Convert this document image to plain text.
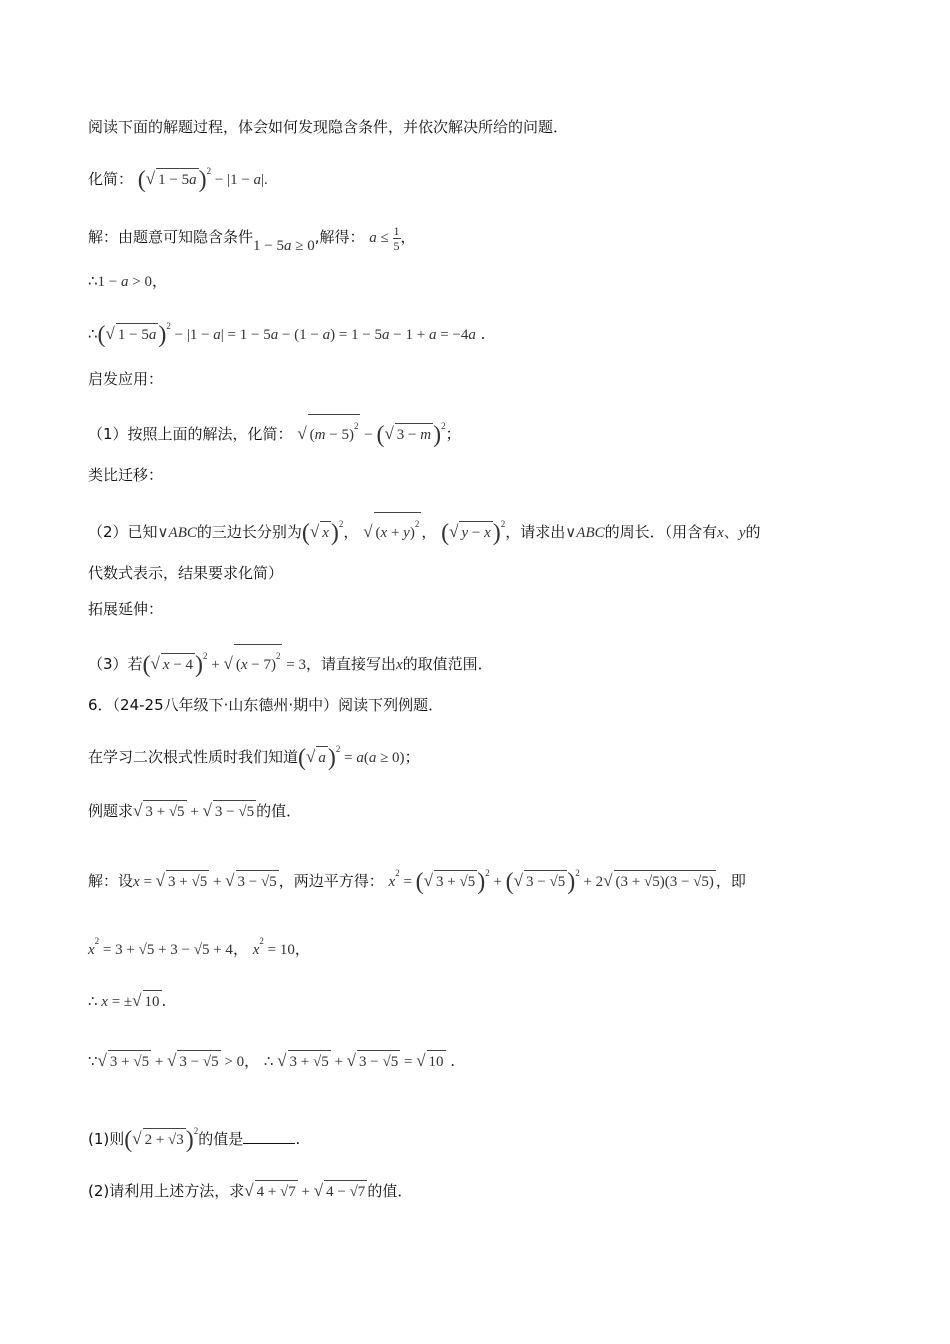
阅读下面的解题过程，体会如何发现隐含条件，并依次解决所给的问题．
化简： (√ 1 − 5a)$^2$ − |1 − a|.
解：由题意可知隐含条件1 − 5a ≥ 0,解得： $a \le \frac{1}{5}$ ，
∴1 − a > 0，
∴(√ 1 − 5a)$^2$ − |1 − a| = 1 − 5a − (1 − a) = 1 − 5a − 1 + a = −4a .
启发应用：
（1）按照上面的解法，化简： √ $(m - 5)^2$ − (√ 3 − m)$^2$；
类比迁移：
（2）已知∨ABC的三边长分别为(√ x)$^2$， √ $(x + y)^2$ ， (√ y − x)$^2$，请求出∨ABC的周长．（用含有x、y的
代数式表示，结果要求化简）
拓展延伸：
（3）若(√ x − 4)$^2$ + √ $(x - 7)^2 = 3$，请直接写出x的取值范围．
6．（24-25八年级下·山东德州·期中）阅读下列例题．
在学习二次根式性质时我们知道(√ a)$^2$ = a(a ≥ 0)；
例题求√ 3 + √5 + √ 3 − √5 的值．
解：设x = √ 3 + √5 + √ 3 − √5 ，两边平方得： $x^2$ = (√ 3 + √5)$^2$ + (√ 3 − √5)$^2$ + 2√ (3 + √5)(3 − √5) ，即
$x^2 = 3 + √5 + 3 - √5 + 4$， $x^2 = 10$，
∴ x = ±√ 10 .
∵√ 3 + √5 + √ 3 − √5 > 0， ∴ √ 3 + √5 + √ 3 − √5 = √ 10 .
(1)则(√ 2 + √3)$^2$的值是	.
(2)请利用上述方法，求√ 4 + √7 + √ 4 − √7 的值．
